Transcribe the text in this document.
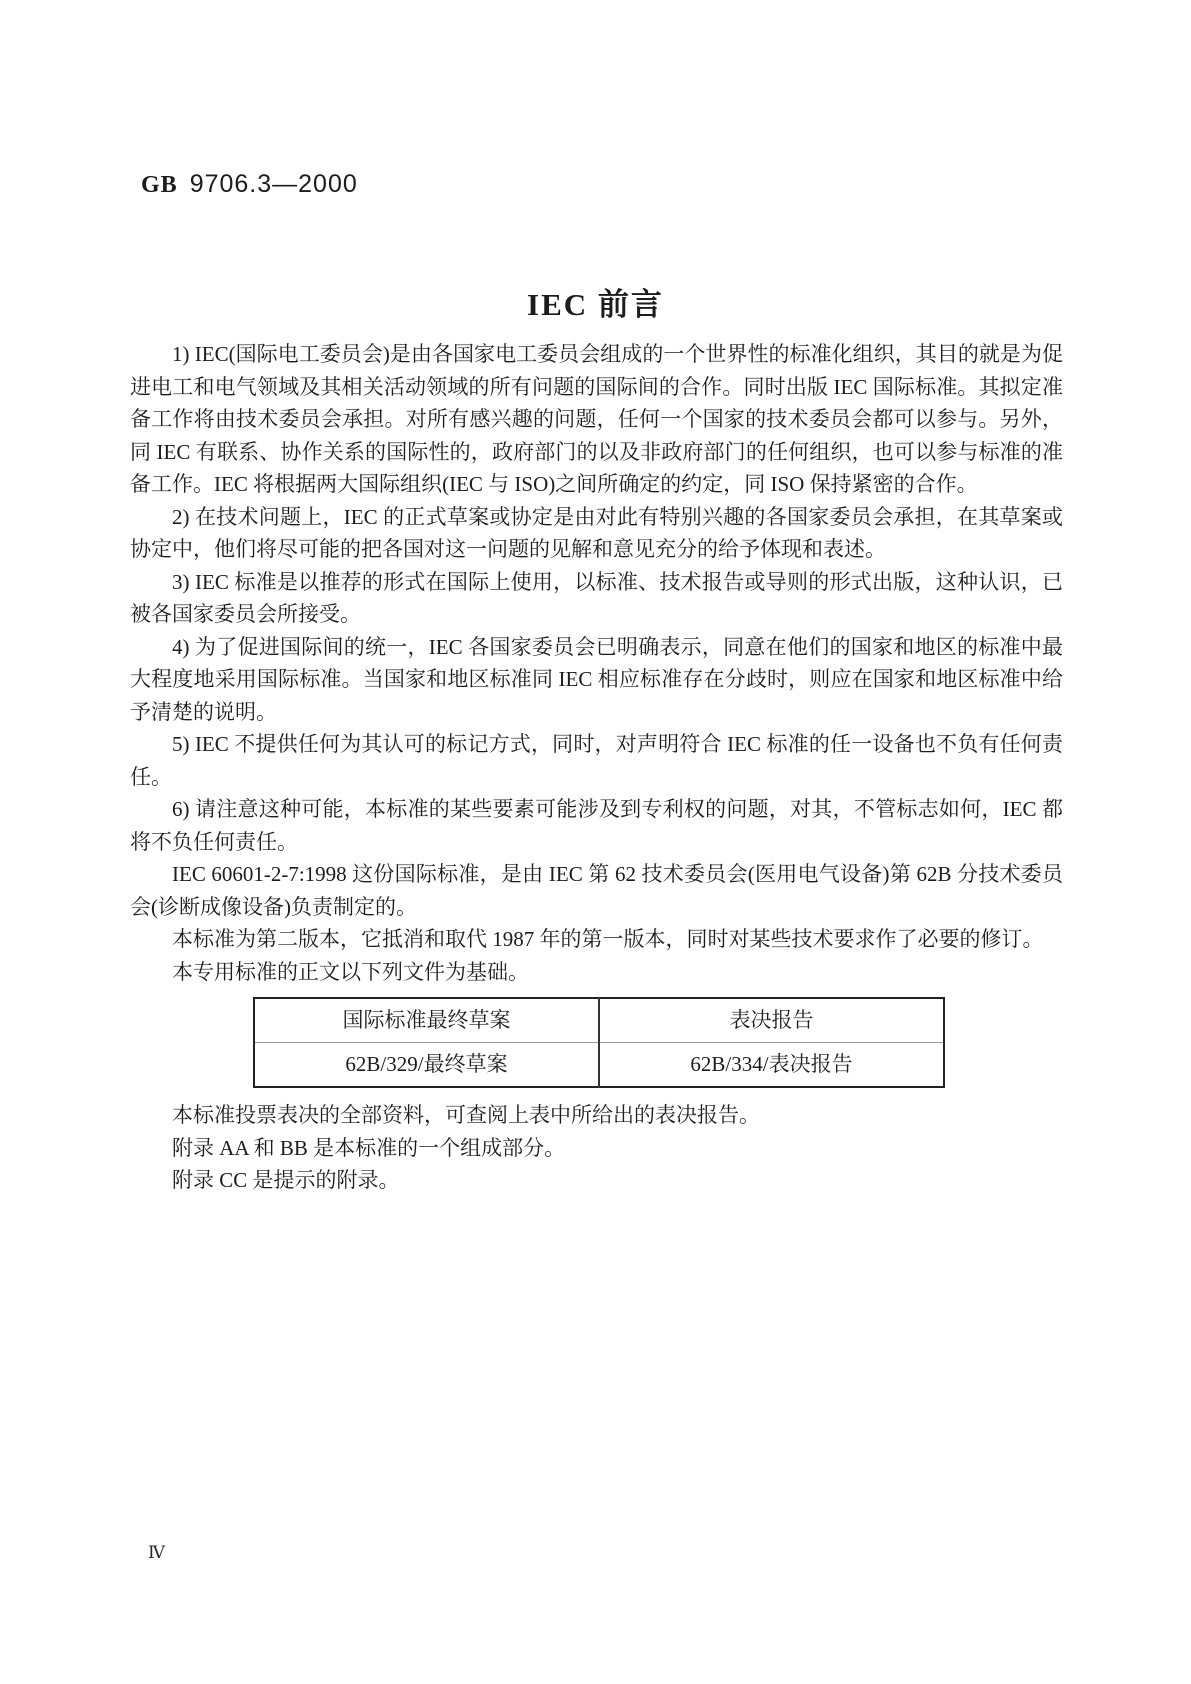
GB 9706.3—2000
IEC 前言

1) IEC(国际电工委员会)是由各国家电工委员会组成的一个世界性的标准化组织，其目的就是为促进电工和电气领域及其相关活动领域的所有问题的国际间的合作。同时出版 IEC 国际标准。其拟定准备工作将由技术委员会承担。对所有感兴趣的问题，任何一个国家的技术委员会都可以参与。另外，同 IEC 有联系、协作关系的国际性的，政府部门的以及非政府部门的任何组织，也可以参与标准的准备工作。IEC 将根据两大国际组织(IEC 与 ISO)之间所确定的约定，同 ISO 保持紧密的合作。

2) 在技术问题上，IEC 的正式草案或协定是由对此有特别兴趣的各国家委员会承担，在其草案或协定中，他们将尽可能的把各国对这一问题的见解和意见充分的给予体现和表述。

3) IEC 标准是以推荐的形式在国际上使用，以标准、技术报告或导则的形式出版，这种认识，已被各国家委员会所接受。

4) 为了促进国际间的统一，IEC 各国家委员会已明确表示，同意在他们的国家和地区的标准中最大程度地采用国际标准。当国家和地区标准同 IEC 相应标准存在分歧时，则应在国家和地区标准中给予清楚的说明。

5) IEC 不提供任何为其认可的标记方式，同时，对声明符合 IEC 标准的任一设备也不负有任何责任。

6) 请注意这种可能，本标准的某些要素可能涉及到专利权的问题，对其，不管标志如何，IEC 都将不负任何责任。

IEC 60601-2-7:1998 这份国际标准，是由 IEC 第 62 技术委员会(医用电气设备)第 62B 分技术委员会(诊断成像设备)负责制定的。

本标准为第二版本，它抵消和取代 1987 年的第一版本，同时对某些技术要求作了必要的修订。

本专用标准的正文以下列文件为基础。

国际标准最终草案	表决报告
62B/329/最终草案	62B/334/表决报告

本标准投票表决的全部资料，可查阅上表中所给出的表决报告。

附录 AA 和 BB 是本标准的一个组成部分。

附录 CC 是提示的附录。

Ⅳ
